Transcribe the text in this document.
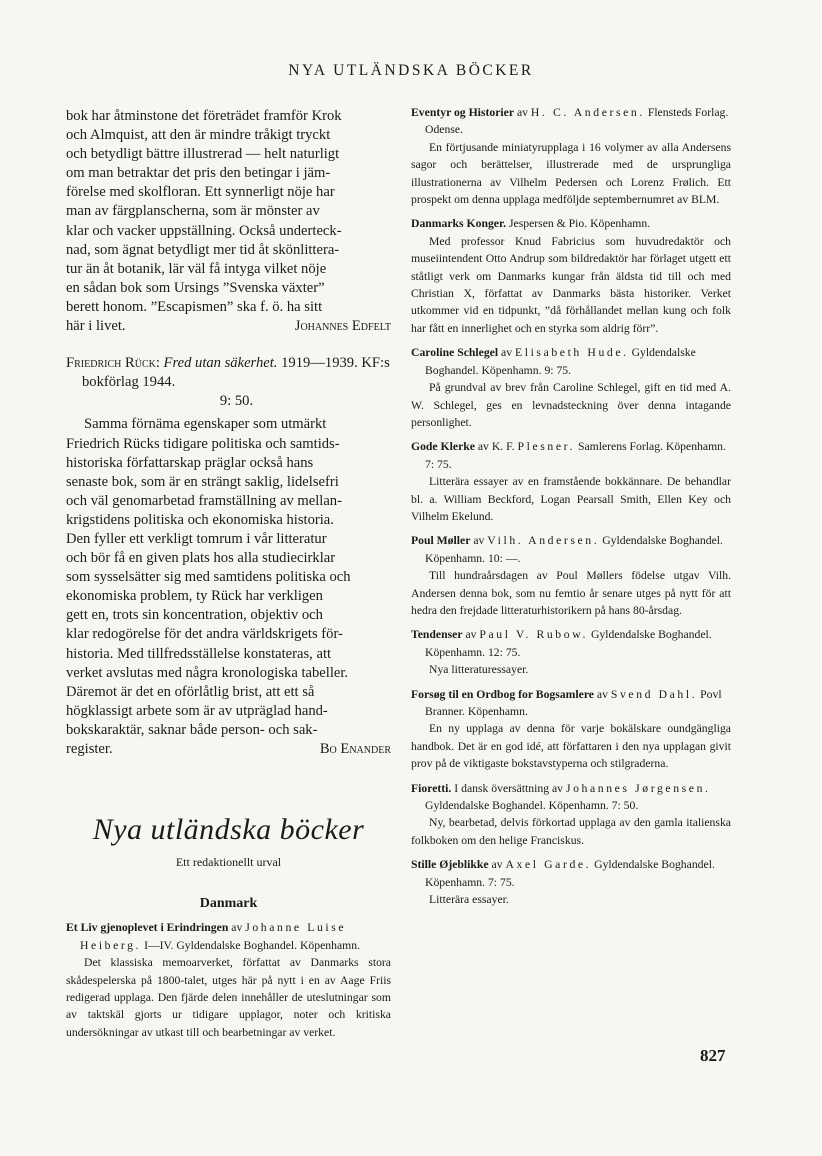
NYA UTLÄNDSKA BÖCKER

bok har åtminstone det företrädet framför Krok

och Almquist, att den är mindre tråkigt tryckt

och betydligt bättre illustrerad — helt naturligt

om man betraktar det pris den betingar i jäm-

förelse med skolfloran. Ett synnerligt nöje har

man av färgplanscherna, som är mönster av

klar och vacker uppställning. Också underteck-

nad, som ägnat betydligt mer tid åt skönlittera-

tur än åt botanik, lär väl få intyga vilket nöje

en sådan bok som Ursings ”Svenska växter”

berett honom. ”Escapismen” ska f. ö. ha sitt

här i livet.	Johannes Edfelt

Friedrich Rück: Fred utan säkerhet. 1919—1939. KF:s bokförlag 1944.
9: 50.

Samma förnäma egenskaper som utmärkt

Friedrich Rücks tidigare politiska och samtids-

historiska författarskap präglar också hans

senaste bok, som är en strängt saklig, lidelsefri

och väl genomarbetad framställning av mellan-

krigstidens politiska och ekonomiska historia.

Den fyller ett verkligt tomrum i vår litteratur

och bör få en given plats hos alla studiecirklar

som sysselsätter sig med samtidens politiska och

ekonomiska problem, ty Rück har verkligen

gett en, trots sin koncentration, objektiv och

klar redogörelse för det andra världskrigets för-

historia. Med tillfredsställelse konstateras, att

verket avslutas med några kronologiska tabeller.

Däremot är det en oförlåtlig brist, att ett så

högklassigt arbete som är av utpräglad hand-

bokskaraktär, saknar både person- och sak-

register.	Bo Enander

Nya utländska böcker

Ett redaktionellt urval

Danmark

Et Liv gjenoplevet i Erindringen av Johanne Luise Heiberg. I—IV. Gyldendalske Boghandel. Köpenhamn.

Det klassiska memoarverket, författat av Danmarks stora skådespelerska på 1800-talet, utges här på nytt i en av Aage Friis redigerad upplaga. Den fjärde delen innehåller de uteslutningar som av taktskäl gjorts ur tidigare upplagor, noter och kritiska undersökningar av utkast till och bearbetningar av verket.

Eventyr og Historier av H. C. Andersen. Flensteds Forlag. Odense.

En förtjusande miniatyrupplaga i 16 volymer av alla Andersens sagor och berättelser, illustrerade med de ursprungliga illustrationerna av Vilhelm Pedersen och Lorenz Frølich. Ett prospekt om denna upplaga medföljde septembernumret av BLM.

Danmarks Konger. Jespersen & Pio. Köpenhamn.

Med professor Knud Fabricius som huvudredaktör och museiintendent Otto Andrup som bildredaktör har förlaget utgett ett ståtligt verk om Danmarks kungar från äldsta tid till och med Christian X, författat av Danmarks bästa historiker. Verket utkommer vid en tidpunkt, ”då förhållandet mellan kung och folk har fått en innerlighet och en styrka som aldrig förr”.

Caroline Schlegel av Elisabeth Hude. Gyldendalske Boghandel. Köpenhamn. 9: 75.

På grundval av brev från Caroline Schlegel, gift en tid med A. W. Schlegel, ges en levnadsteckning över denna intagande personlighet.

Gode Klerke av K. F. Plesner. Samlerens Forlag. Köpenhamn. 7: 75.

Litterära essayer av en framstående bokkännare. De behandlar bl. a. William Beckford, Logan Pearsall Smith, Ellen Key och Vilhelm Ekelund.

Poul Møller av Vilh. Andersen. Gyldendalske Boghandel. Köpenhamn. 10: —.

Till hundraårsdagen av Poul Møllers födelse utgav Vilh. Andersen denna bok, som nu femtio år senare utges på nytt för att hedra den frejdade litteraturhistorikern på hans 80-årsdag.

Tendenser av Paul V. Rubow. Gyldendalske Boghandel. Köpenhamn. 12: 75.

Nya litteraturessayer.

Forsøg til en Ordbog for Bogsamlere av Svend Dahl. Povl Branner. Köpenhamn.

En ny upplaga av denna för varje bokälskare oundgängliga handbok. Det är en god idé, att författaren i den nya upplagan givit prov på de viktigaste bokstavstyperna och stilgraderna.

Fioretti. I dansk översättning av Johannes Jørgensen. Gyldendalske Boghandel. Köpenhamn. 7: 50.

Ny, bearbetad, delvis förkortad upplaga av den gamla italienska folkboken om den helige Franciskus.

Stille Øjeblikke av Axel Garde. Gyldendalske Boghandel. Köpenhamn. 7: 75.

Litterära essayer.

827
